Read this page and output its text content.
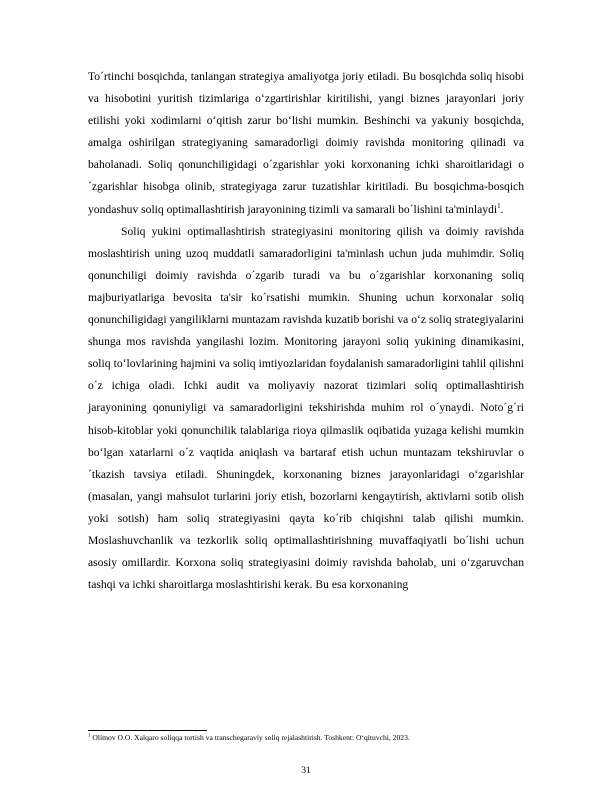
To´rtinchi bosqichda, tanlangan strategiya amaliyotga joriy etiladi. Bu bosqichda soliq hisobi va hisobotini yuritish tizimlariga o‘zgartirishlar kiritilishi, yangi biznes jarayonlari joriy etilishi yoki xodimlarni o‘qitish zarur bo‘lishi mumkin. Beshinchi va yakuniy bosqichda, amalga oshirilgan strategiyaning samaradorligi doimiy ravishda monitoring qilinadi va baholanadi. Soliq qonunchiligidagi o´zgarishlar yoki korxonaning ichki sharoitlaridagi o´zgarishlar hisobga olinib, strategiyaga zarur tuzatishlar kiritiladi. Bu bosqichma-bosqich yondashuv soliq optimallashtirish jarayonining tizimli va samarali bo´lishini ta'minlaydi$^1$.

Soliq yukini optimallashtirish strategiyasini monitoring qilish va doimiy ravishda moslashtirish uning uzoq muddatli samaradorligini ta'minlash uchun juda muhimdir. Soliq qonunchiligi doimiy ravishda o´zgarib turadi va bu o´zgarishlar korxonaning soliq majburiyatlariga bevosita ta'sir ko´rsatishi mumkin. Shuning uchun korxonalar soliq qonunchiligidagi yangiliklarni muntazam ravishda kuzatib borishi va o‘z soliq strategiyalarini shunga mos ravishda yangilashi lozim. Monitoring jarayoni soliq yukining dinamikasini, soliq to‘lovlarining hajmini va soliq imtiyozlaridan foydalanish samaradorligini tahlil qilishni o´z ichiga oladi. Ichki audit va moliyaviy nazorat tizimlari soliq optimallashtirish jarayonining qonuniyligi va samaradorligini tekshirishda muhim rol o´ynaydi. Noto´g´ri hisob-kitoblar yoki qonunchilik talablariga rioya qilmaslik oqibatida yuzaga kelishi mumkin bo‘lgan xatarlarni o´z vaqtida aniqlash va bartaraf etish uchun muntazam tekshiruvlar o´tkazish tavsiya etiladi. Shuningdek, korxonaning biznes jarayonlaridagi o‘zgarishlar (masalan, yangi mahsulot turlarini joriy etish, bozorlarni kengaytirish, aktivlarni sotib olish yoki sotish) ham soliq strategiyasini qayta ko´rib chiqishni talab qilishi mumkin. Moslashuvchanlik va tezkorlik soliq optimallashtirishning muvaffaqiyatli bo´lishi uchun asosiy omillardir. Korxona soliq strategiyasini doimiy ravishda baholab, uni o‘zgaruvchan tashqi va ichki sharoitlarga moslashtirishi kerak. Bu esa korxonaning

$^1$ Olimov O.O. Xalqaro soliqqa tortish va transchegaraviy soliq rejalashtirish. Toshkent: O‘qituvchi, 2023.

31
